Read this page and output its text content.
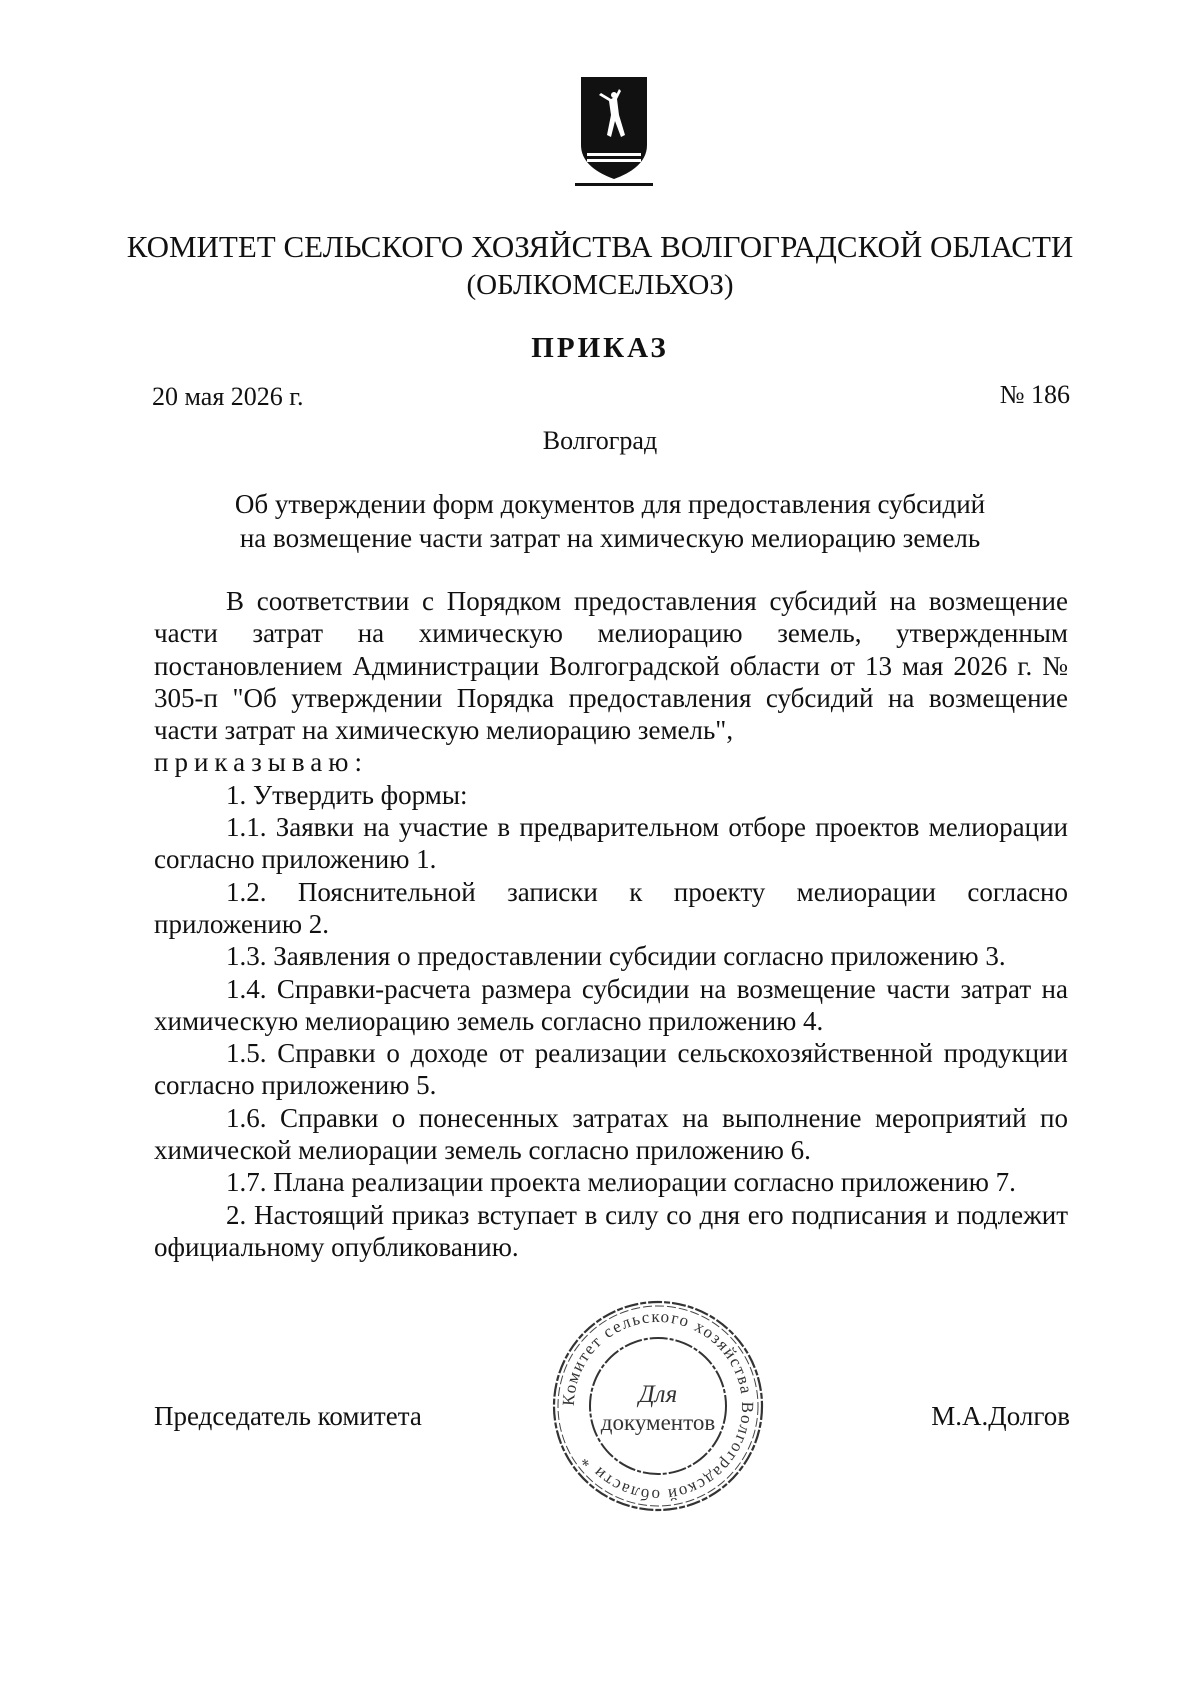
КОМИТЕТ СЕЛЬСКОГО ХОЗЯЙСТВА ВОЛГОГРАДСКОЙ ОБЛАСТИ
(ОБЛКОМСЕЛЬХОЗ)
ПРИКАЗ
20 мая 2026 г.	№ 186
Волгоград
Об утверждении форм документов для предоставления субсидий
на возмещение части затрат на химическую мелиорацию земель

В соответствии с Порядком предоставления субсидий на возмещение части затрат на химическую мелиорацию земель, утвержденным постановлением Администрации Волгоградской области от 13 мая 2026 г. № 305-п "Об утверждении Порядка предоставления субсидий на возмещение части затрат на химическую мелиорацию земель",

приказываю:

1. Утвердить формы:

1.1. Заявки на участие в предварительном отборе проектов мелиорации согласно приложению 1.

1.2. Пояснительной записки к проекту мелиорации согласно приложению 2.

1.3. Заявления о предоставлении субсидии согласно приложению 3.

1.4. Справки-расчета размера субсидии на возмещение части затрат на химическую мелиорацию земель согласно приложению 4.

1.5. Справки о доходе от реализации сельскохозяйственной продукции согласно приложению 5.

1.6. Справки о понесенных затратах на выполнение мероприятий по химической мелиорации земель согласно приложению 6.

1.7. Плана реализации проекта мелиорации согласно приложению 7.

2. Настоящий приказ вступает в силу со дня его подписания и подлежит официальному опубликованию.

Председатель комитета	М.А.Долгов
Комитет сельского хозяйства Волгоградской области *
Для
документов
